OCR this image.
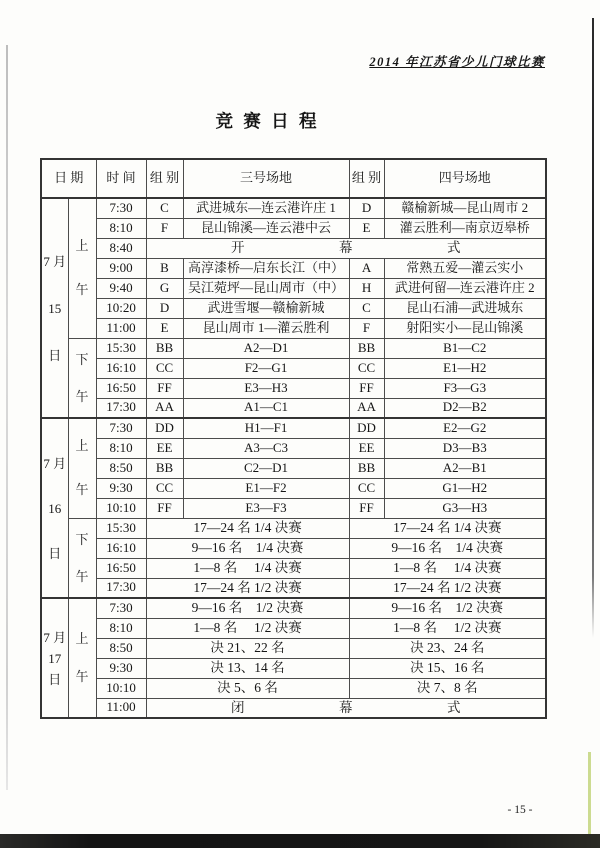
2014 年江苏省少儿门球比赛
竞 赛 日 程
日 期		时 间	组 别	三号场地	组 别	四号场地

7 月 15 日	上 午	7:30	C	武进城东—连云港许庄 1	D	赣榆新城—昆山周市 2
		8:10	F	昆山锦溪—连云港中云	E	灌云胜利—南京迈皋桥
		8:40	开　　　　　　　幕　　　　　　　式			
		9:00	B	高淳漆桥—启东长江（中）	A	常熟五爱—灌云实小
		9:40	G	吴江菀坪—昆山周市（中）	H	武进何留—连云港许庄 2
		10:20	D	武进雪堰—赣榆新城	C	昆山石浦—武进城东
		11:00	E	昆山周市 1—灌云胜利	F	射阳实小—昆山锦溪

	下 午	15:30	BB	A2—D1	BB	B1—C2
		16:10	CC	F2—G1	CC	E1—H2
		16:50	FF	E3—H3	FF	F3—G3
		17:30	AA	A1—C1	AA	D2—B2

7 月 16 日	上 午	7:30	DD	H1—F1	DD	E2—G2
		8:10	EE	A3—C3	EE	D3—B3
		8:50	BB	C2—D1	BB	A2—B1
		9:30	CC	E1—F2	CC	G1—H2
		10:10	FF	E3—F3	FF	G3—H3

	下 午	15:30	17—24 名 1/4 决赛		17—24 名 1/4 决赛	
		16:10	9—16 名　1/4 决赛		9—16 名　1/4 决赛	
		16:50	1—8 名　 1/4 决赛		1—8 名　 1/4 决赛	
		17:30	17—24 名 1/2 决赛		17—24 名 1/2 决赛	

7 月 17 日	上 午	7:30	9—16 名　1/2 决赛		9—16 名　1/2 决赛	
		8:10	1—8 名　 1/2 决赛		1—8 名　 1/2 决赛	
		8:50	决 21、22 名		决 23、24 名	
		9:30	决 13、14 名		决 15、16 名	
		10:10	决 5、6 名		决 7、8 名	
		11:00	闭　　　　　　　幕　　　　　　　式			
- 15 -
